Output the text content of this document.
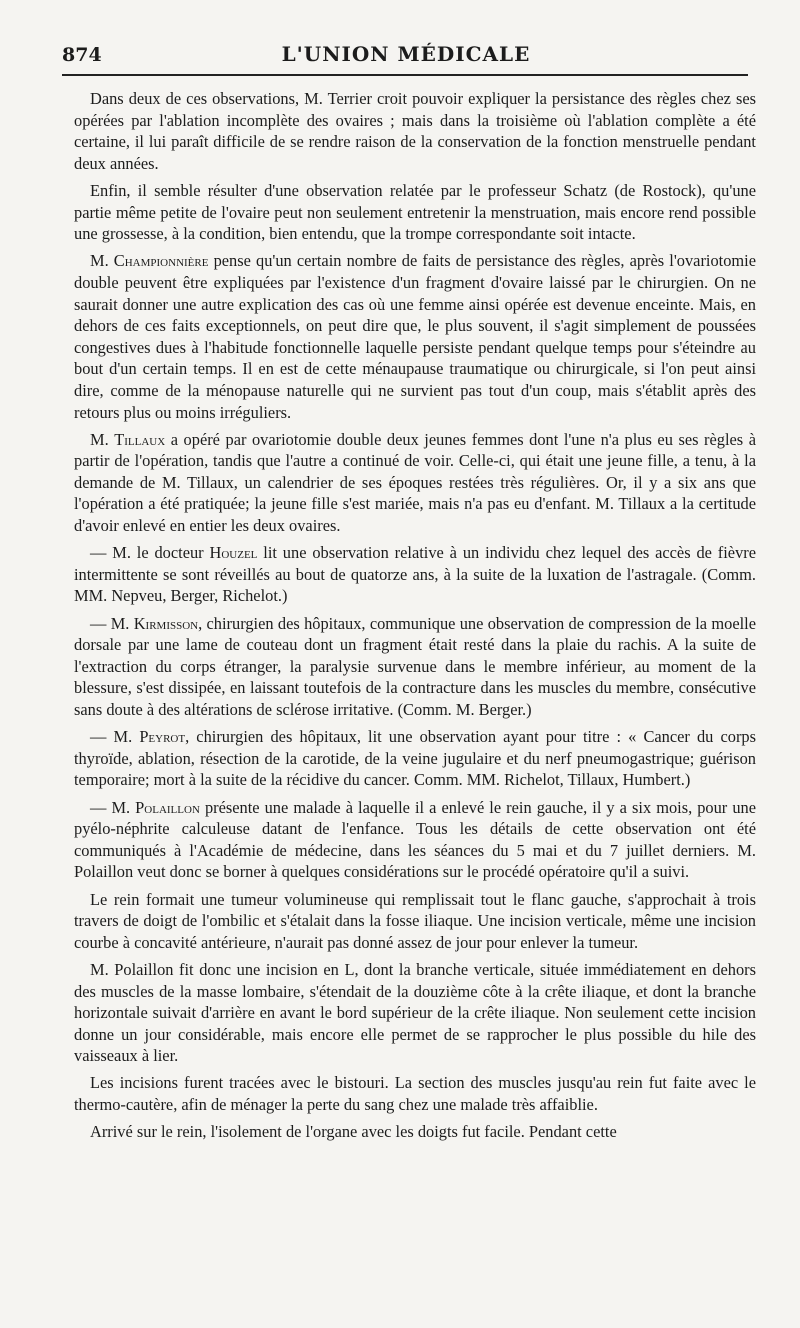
874	L'UNION MÉDICALE

Dans deux de ces observations, M. Terrier croit pouvoir expliquer la persistance des règles chez ses opérées par l'ablation incomplète des ovaires ; mais dans la troisième où l'ablation complète a été certaine, il lui paraît difficile de se rendre raison de la conservation de la fonction menstruelle pendant deux années.

Enfin, il semble résulter d'une observation relatée par le professeur Schatz (de Rostock), qu'une partie même petite de l'ovaire peut non seulement entretenir la menstruation, mais encore rend possible une grossesse, à la condition, bien entendu, que la trompe correspondante soit intacte.

M. Championnière pense qu'un certain nombre de faits de persistance des règles, après l'ovariotomie double peuvent être expliquées par l'existence d'un fragment d'ovaire laissé par le chirurgien. On ne saurait donner une autre explication des cas où une femme ainsi opérée est devenue enceinte. Mais, en dehors de ces faits exceptionnels, on peut dire que, le plus souvent, il s'agit simplement de poussées congestives dues à l'habitude fonctionnelle laquelle persiste pendant quelque temps pour s'éteindre au bout d'un certain temps. Il en est de cette ménaupause traumatique ou chirurgicale, si l'on peut ainsi dire, comme de la ménopause naturelle qui ne survient pas tout d'un coup, mais s'établit après des retours plus ou moins irréguliers.

M. Tillaux a opéré par ovariotomie double deux jeunes femmes dont l'une n'a plus eu ses règles à partir de l'opération, tandis que l'autre a continué de voir. Celle-ci, qui était une jeune fille, a tenu, à la demande de M. Tillaux, un calendrier de ses époques restées très régulières. Or, il y a six ans que l'opération a été pratiquée; la jeune fille s'est mariée, mais n'a pas eu d'enfant. M. Tillaux a la certitude d'avoir enlevé en entier les deux ovaires.

— M. le docteur Houzel lit une observation relative à un individu chez lequel des accès de fièvre intermittente se sont réveillés au bout de quatorze ans, à la suite de la luxation de l'astragale. (Comm. MM. Nepveu, Berger, Richelot.)

— M. Kirmisson, chirurgien des hôpitaux, communique une observation de compression de la moelle dorsale par une lame de couteau dont un fragment était resté dans la plaie du rachis. A la suite de l'extraction du corps étranger, la paralysie survenue dans le membre inférieur, au moment de la blessure, s'est dissipée, en laissant toutefois de la contracture dans les muscles du membre, consécutive sans doute à des altérations de sclérose irritative. (Comm. M. Berger.)

— M. Peyrot, chirurgien des hôpitaux, lit une observation ayant pour titre : « Cancer du corps thyroïde, ablation, résection de la carotide, de la veine jugulaire et du nerf pneumogastrique; guérison temporaire; mort à la suite de la récidive du cancer. Comm. MM. Richelot, Tillaux, Humbert.)

— M. Polaillon présente une malade à laquelle il a enlevé le rein gauche, il y a six mois, pour une pyélo-néphrite calculeuse datant de l'enfance. Tous les détails de cette observation ont été communiqués à l'Académie de médecine, dans les séances du 5 mai et du 7 juillet derniers. M. Polaillon veut donc se borner à quelques considérations sur le procédé opératoire qu'il a suivi.

Le rein formait une tumeur volumineuse qui remplissait tout le flanc gauche, s'approchait à trois travers de doigt de l'ombilic et s'étalait dans la fosse iliaque. Une incision verticale, même une incision courbe à concavité antérieure, n'aurait pas donné assez de jour pour enlever la tumeur.

M. Polaillon fit donc une incision en L, dont la branche verticale, située immédiatement en dehors des muscles de la masse lombaire, s'étendait de la douzième côte à la crête iliaque, et dont la branche horizontale suivait d'arrière en avant le bord supérieur de la crête iliaque. Non seulement cette incision donne un jour considérable, mais encore elle permet de se rapprocher le plus possible du hile des vaisseaux à lier.

Les incisions furent tracées avec le bistouri. La section des muscles jusqu'au rein fut faite avec le thermo-cautère, afin de ménager la perte du sang chez une malade très affaiblie.

Arrivé sur le rein, l'isolement de l'organe avec les doigts fut facile. Pendant cette
